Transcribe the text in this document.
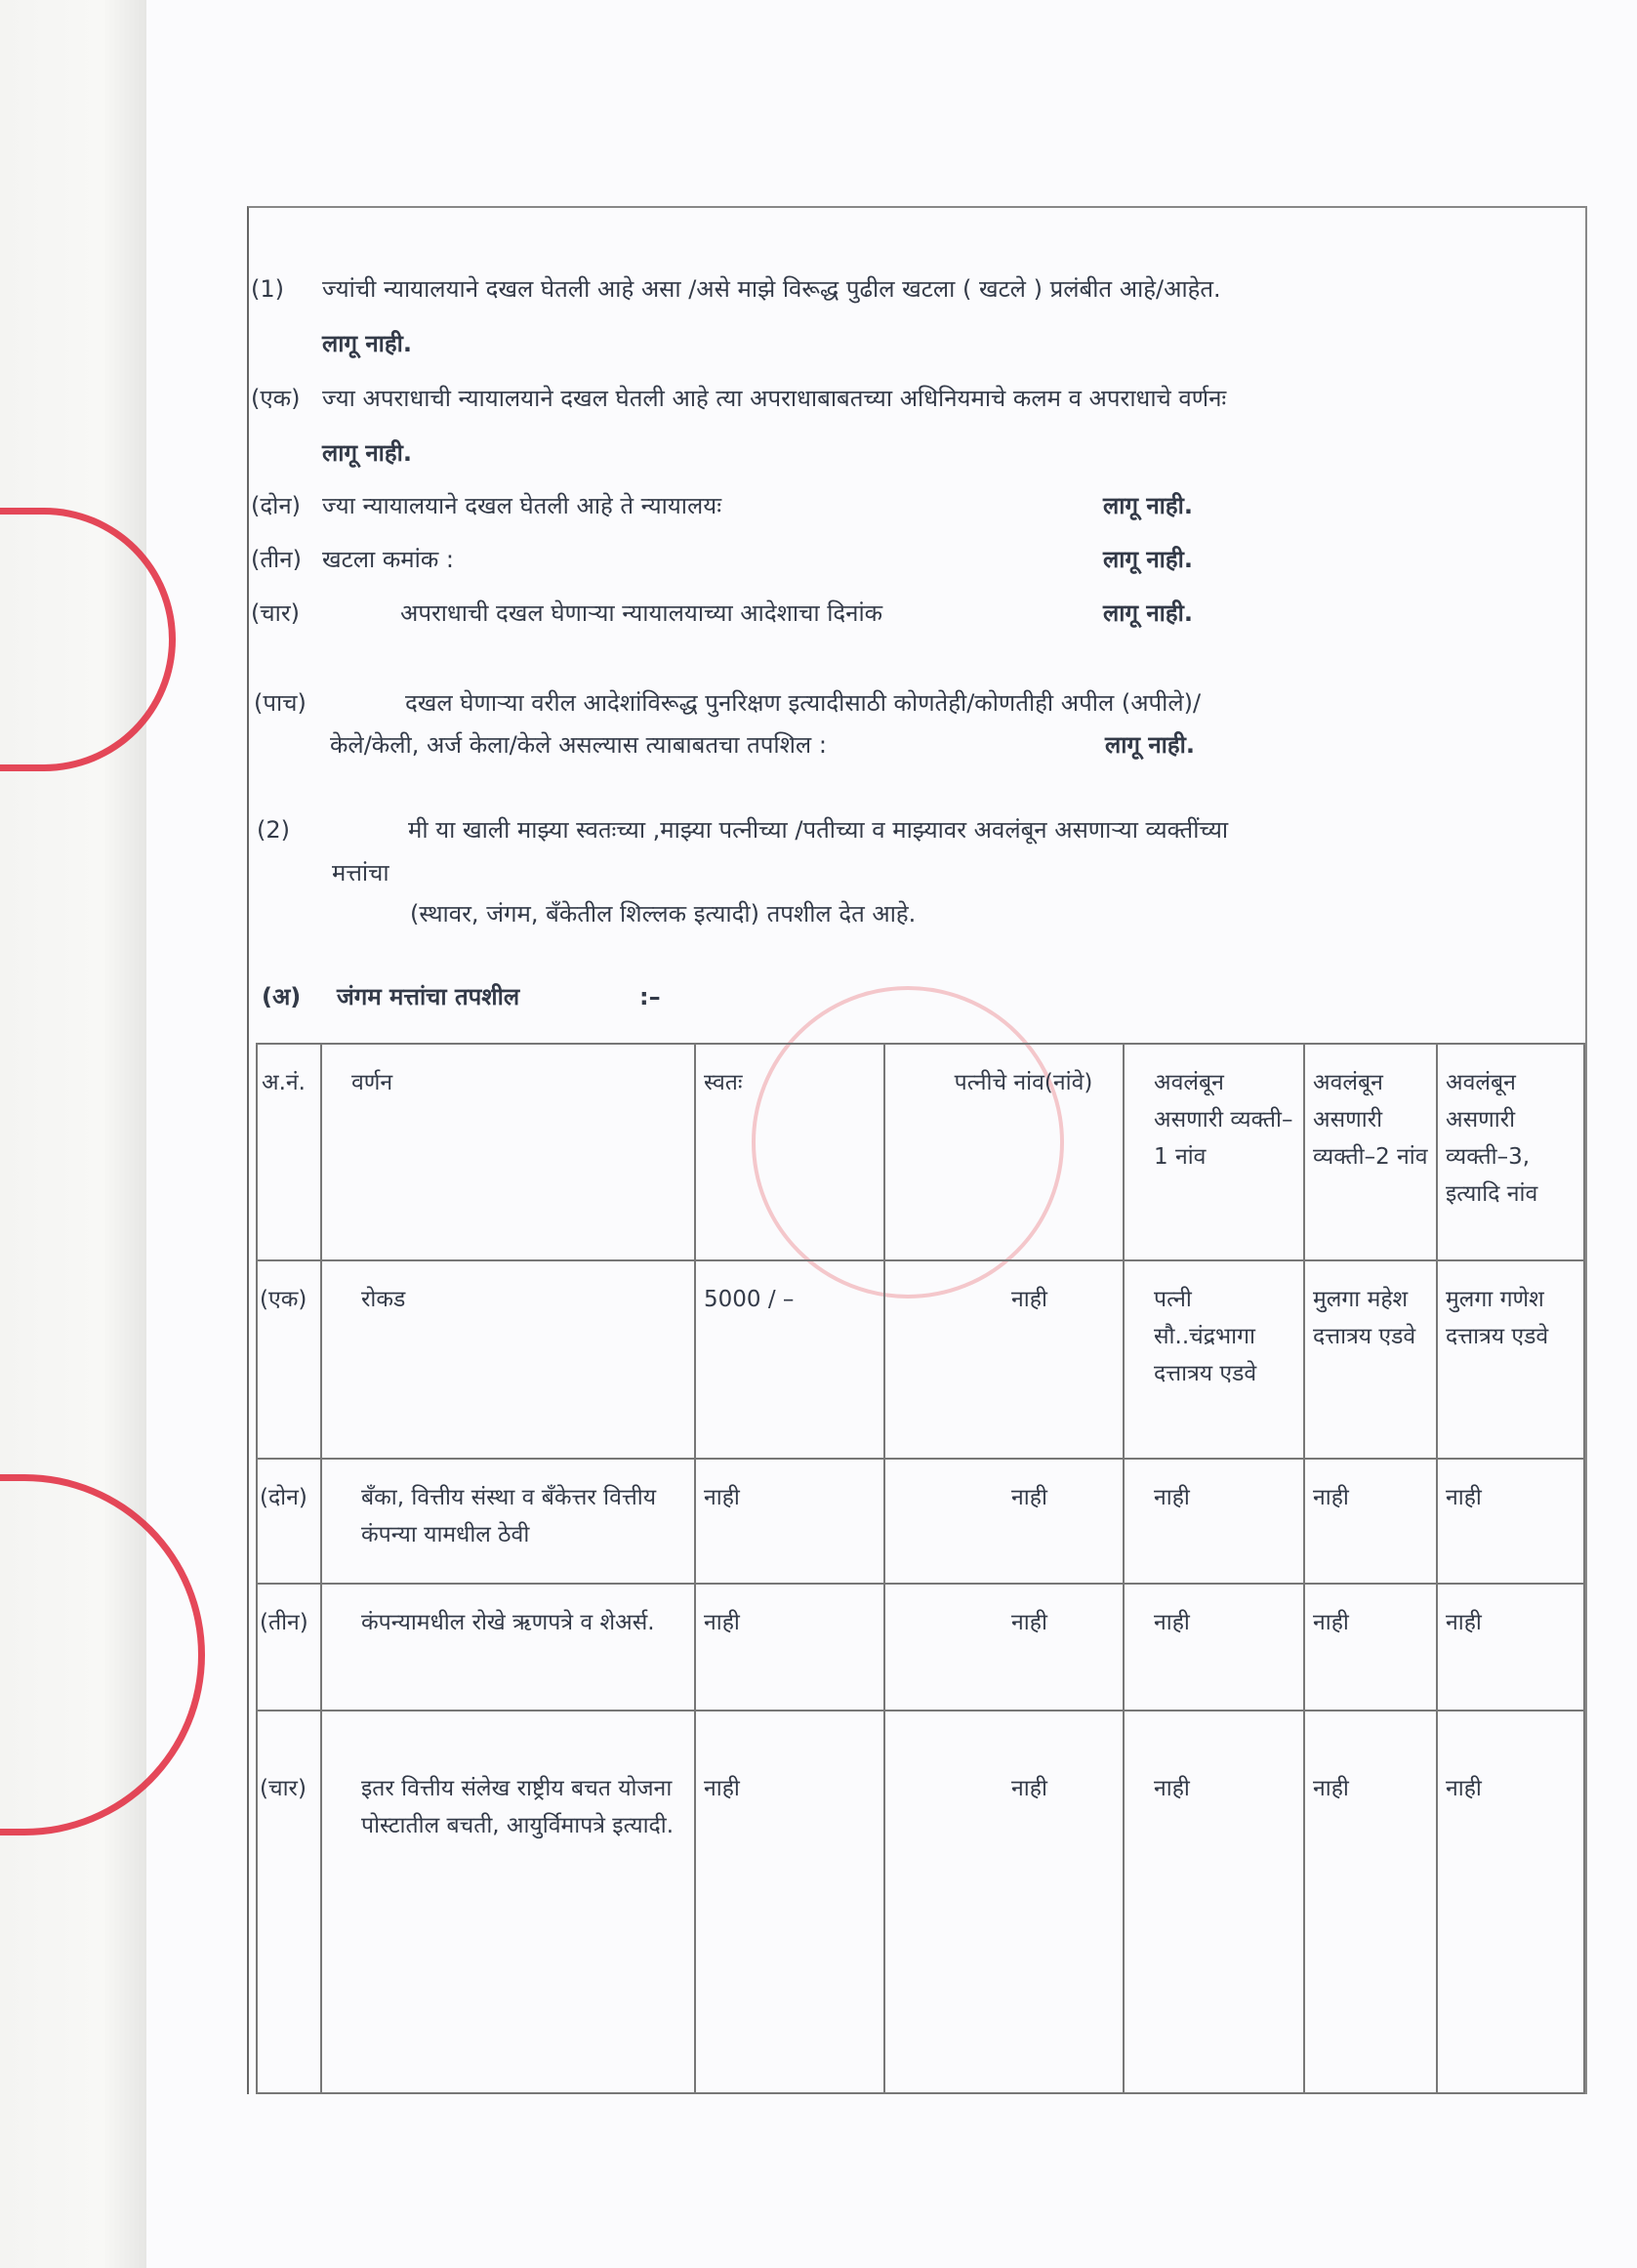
(1)	ज्यांची न्यायालयाने दखल घेतली आहे असा /असे माझे विरूद्ध पुढील खटला ( खटले ) प्रलंबीत आहे/आहेत.
लागू नाही.
(एक) ज्या अपराधाची न्यायालयाने दखल घेतली आहे त्या अपराधाबाबतच्या अधिनियमाचे कलम व अपराधाचे वर्णनः
लागू नाही.
(दोन) ज्या न्यायालयाने दखल घेतली आहे ते न्यायालयः	लागू नाही.
(तीन) खटला कमांक :	लागू नाही.
(चार)	अपराधाची दखल घेणाऱ्या न्यायालयाच्या आदेशाचा दिनांक	लागू नाही.
(पाच)	दखल घेणाऱ्या वरील आदेशांविरूद्ध पुनरिक्षण इत्यादीसाठी कोणतेही/कोणतीही अपील (अपीले)/
केले/केली, अर्ज केला/केले असल्यास त्याबाबतचा तपशिल :	लागू नाही.
(2)	मी या खाली माझ्या स्वतःच्या ,माझ्या पत्नीच्या /पतीच्या व माझ्यावर अवलंबून असणाऱ्या व्यक्तींच्या
मत्तांचा
(स्थावर, जंगम, बॅंकेतील शिल्लक इत्यादी) तपशील देत आहे.
(अ)	जंगम मत्तांचा तपशील	:–
अ.नं.	वर्णन	स्वतः	पत्नीचे नांव(नांवे)	अवलंबून असणारी व्यक्ती–1 नांव	अवलंबून असणारी व्यक्ती–2 नांव	अवलंबून असणारी व्यक्ती–3, इत्यादि नांव
(एक)	रोकड	5000 / –	नाही	पत्नी सौ..चंद्रभागा दत्तात्रय एडवे	मुलगा महेश दत्तात्रय एडवे	मुलगा गणेश दत्तात्रय एडवे
(दोन)	बॅंका, वित्तीय संस्था व बॅंकेत्तर वित्तीय कंपन्या यामधील ठेवी	नाही	नाही	नाही	नाही	नाही
(तीन)	कंपन्यामधील रोखे ऋणपत्रे व शेअर्स.	नाही	नाही	नाही	नाही	नाही
(चार)	इतर वित्तीय संलेख राष्ट्रीय बचत योजना पोस्टातील बचती, आयुर्विमापत्रे इत्यादी.	नाही	नाही	नाही	नाही	नाही
